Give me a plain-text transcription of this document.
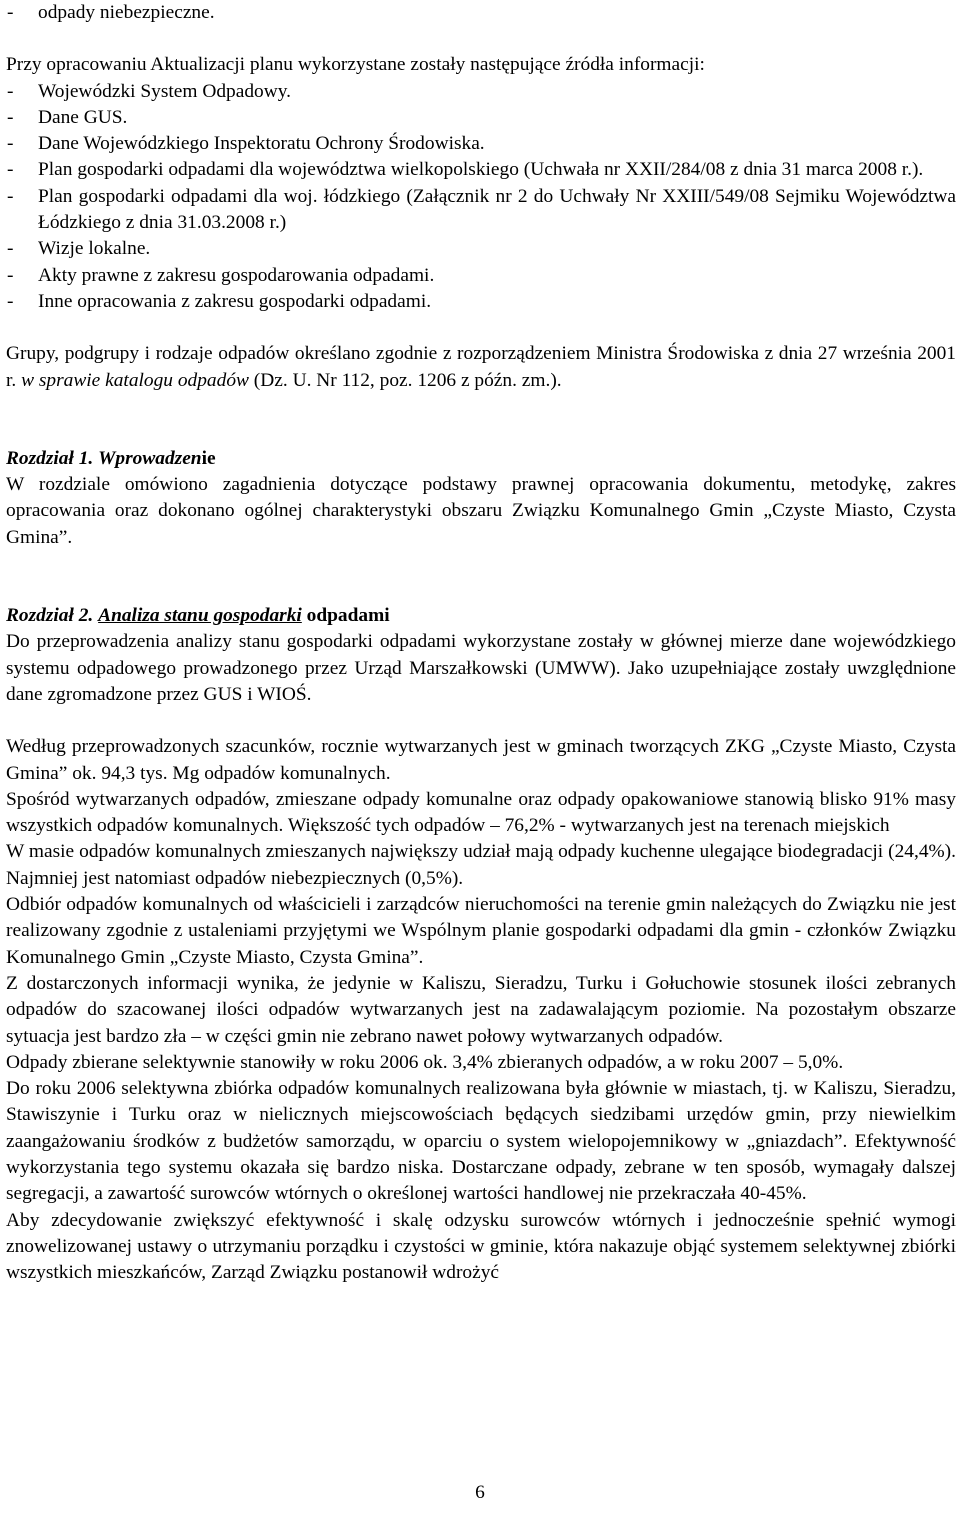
-	odpady niebezpieczne.

Przy opracowaniu Aktualizacji planu wykorzystane zostały następujące źródła informacji:

-	Wojewódzki System Odpadowy.
-	Dane GUS.
-	Dane Wojewódzkiego Inspektoratu Ochrony Środowiska.
-	Plan gospodarki odpadami dla województwa wielkopolskiego (Uchwała nr XXII/284/08 z dnia 31 marca 2008 r.).
-	Plan gospodarki odpadami dla woj. łódzkiego (Załącznik nr 2 do Uchwały Nr XXIII/549/08 Sejmiku Województwa Łódzkiego z dnia 31.03.2008 r.)
-	Wizje lokalne.
-	Akty prawne z zakresu gospodarowania odpadami.
-	Inne opracowania z zakresu gospodarki odpadami.

Grupy, podgrupy i rodzaje odpadów określano zgodnie z rozporządzeniem Ministra Środowiska z dnia 27 września 2001 r. w sprawie katalogu odpadów (Dz. U. Nr 112, poz. 1206 z późn. zm.).

Rozdział 1. Wprowadzenie

W rozdziale omówiono zagadnienia dotyczące podstawy prawnej opracowania dokumentu, metodykę, zakres opracowania oraz dokonano ogólnej charakterystyki obszaru Związku Komunalnego Gmin „Czyste Miasto, Czysta Gmina”.

Rozdział 2. Analiza stanu gospodarki odpadami

Do przeprowadzenia analizy stanu gospodarki odpadami wykorzystane zostały w głównej mierze dane wojewódzkiego systemu odpadowego prowadzonego przez Urząd Marszałkowski (UMWW). Jako uzupełniające zostały uwzględnione dane zgromadzone przez GUS i WIOŚ.

Według przeprowadzonych szacunków, rocznie wytwarzanych jest w gminach tworzących ZKG „Czyste Miasto, Czysta Gmina” ok. 94,3 tys. Mg odpadów komunalnych.

Spośród wytwarzanych odpadów, zmieszane odpady komunalne oraz odpady opakowaniowe stanowią blisko 91% masy wszystkich odpadów komunalnych. Większość tych odpadów – 76,2% - wytwarzanych jest na terenach miejskich

W masie odpadów komunalnych zmieszanych największy udział mają odpady kuchenne ulegające biodegradacji (24,4%). Najmniej jest natomiast odpadów niebezpiecznych (0,5%).

Odbiór odpadów komunalnych od właścicieli i zarządców nieruchomości na terenie gmin należących do Związku nie jest realizowany zgodnie z ustaleniami przyjętymi we Wspólnym planie gospodarki odpadami dla gmin - członków Związku Komunalnego Gmin „Czyste Miasto, Czysta Gmina”.

Z dostarczonych informacji wynika, że jedynie w Kaliszu, Sieradzu, Turku i Gołuchowie stosunek ilości zebranych odpadów do szacowanej ilości odpadów wytwarzanych jest na zadawalającym poziomie. Na pozostałym obszarze sytuacja jest bardzo zła – w części gmin nie zebrano nawet połowy wytwarzanych odpadów.

Odpady zbierane selektywnie stanowiły w roku 2006 ok. 3,4% zbieranych odpadów, a w roku 2007 – 5,0%.

Do roku 2006 selektywna zbiórka odpadów komunalnych realizowana była głównie w miastach, tj. w Kaliszu, Sieradzu, Stawiszynie i Turku oraz w nielicznych miejscowościach będących siedzibami urzędów gmin, przy niewielkim zaangażowaniu środków z budżetów samorządu, w oparciu o system wielopojemnikowy w „gniazdach”. Efektywność wykorzystania tego systemu okazała się bardzo niska. Dostarczane odpady, zebrane w ten sposób, wymagały dalszej segregacji, a zawartość surowców wtórnych o określonej wartości handlowej nie przekraczała 40-45%.

Aby zdecydowanie zwiększyć efektywność i skalę odzysku surowców wtórnych i jednocześnie spełnić wymogi znowelizowanej ustawy o utrzymaniu porządku i czystości w gminie, która nakazuje objąć systemem selektywnej zbiórki wszystkich mieszkańców, Zarząd Związku postanowił wdrożyć

6
